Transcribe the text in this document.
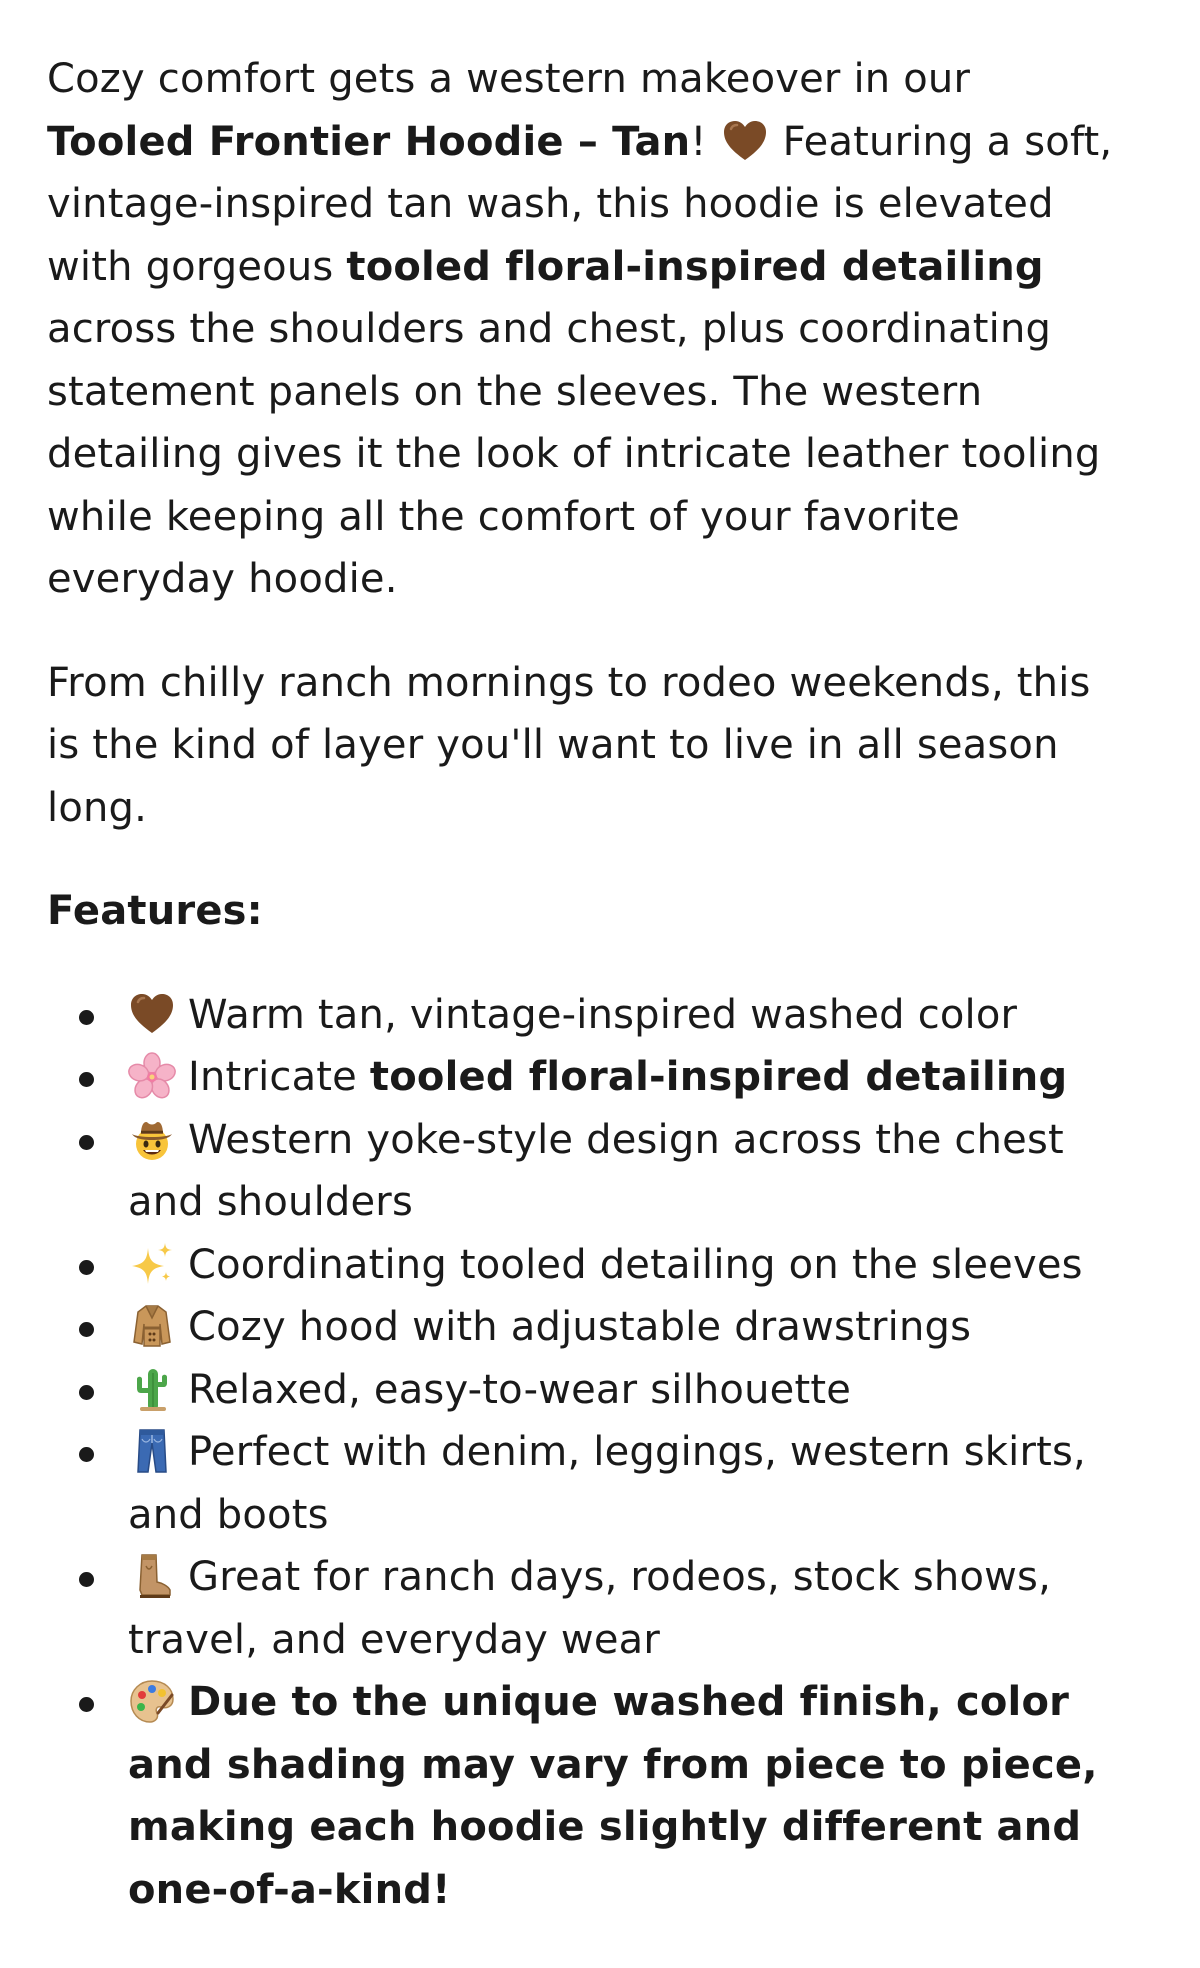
Cozy comfort gets a western makeover in our Tooled Frontier Hoodie – Tan! Featuring a soft, vintage-inspired tan wash, this hoodie is elevated with gorgeous tooled floral-inspired detailing across the shoulders and chest, plus coordinating statement panels on the sleeves. The western detailing gives it the look of intricate leather tooling while keeping all the comfort of your favorite everyday hoodie.

From chilly ranch mornings to rodeo weekends, this is the kind of layer you'll want to live in all season long.

Features:

Warm tan, vintage-inspired washed color
Intricate tooled floral-inspired detailing
Western yoke-style design across the chest and shoulders
Coordinating tooled detailing on the sleeves
Cozy hood with adjustable drawstrings
Relaxed, easy-to-wear silhouette
Perfect with denim, leggings, western skirts, and boots
Great for ranch days, rodeos, stock shows, travel, and everyday wear
Due to the unique washed finish, color and shading may vary from piece to piece, making each hoodie slightly different and one-of-a-kind!
